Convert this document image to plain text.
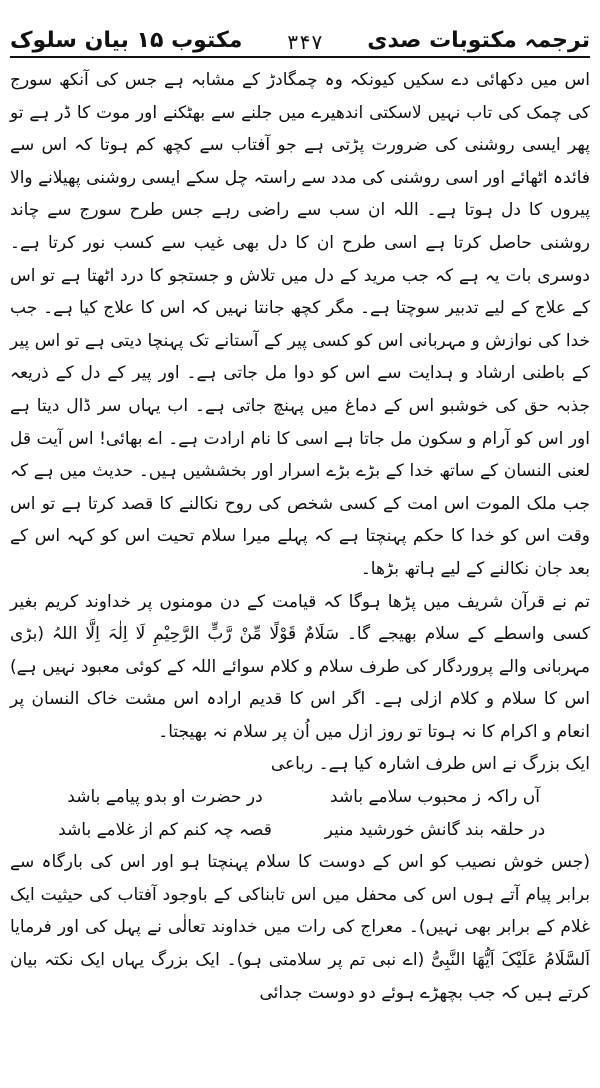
ترجمہ مکتوبات صدی
۳۴۷
مکتوب ۱۵ بیان سلوک

اس میں دکھائی دے سکیں کیونکہ وہ چمگادڑ کے مشابہ ہے جس کی آنکھ سورج کی چمک کی تاب نہیں لاسکتی اندھیرے میں جلنے سے بھٹکنے اور موت کا ڈر ہے تو پھر ایسی روشنی کی ضرورت پڑتی ہے جو آفتاب سے کچھ کم ہوتا کہ اس سے فائدہ اٹھائے اور اسی روشنی کی مدد سے راستہ چل سکے ایسی روشنی پھیلانے والا پیروں کا دل ہوتا ہے۔ اللہ ان سب سے راضی رہے جس طرح سورج سے چاند روشنی حاصل کرتا ہے اسی طرح ان کا دل بھی غیب سے کسب نور کرتا ہے۔ دوسری بات یہ ہے کہ جب مرید کے دل میں تلاش و جستجو کا درد اٹھتا ہے تو اس کے علاج کے لیے تدبیر سوچتا ہے۔ مگر کچھ جانتا نہیں کہ اس کا علاج کیا ہے۔ جب خدا کی نوازش و مہربانی اس کو کسی پیر کے آستانے تک پہنچا دیتی ہے تو اس پیر کے باطنی ارشاد و ہدایت سے اس کو دوا مل جاتی ہے۔ اور پیر کے دل کے ذریعہ جذبہ حق کی خوشبو اس کے دماغ میں پہنچ جاتی ہے۔ اب یہاں سر ڈال دیتا ہے اور اس کو آرام و سکون مل جاتا ہے اسی کا نام ارادت ہے۔ اے بھائی! اس آیت قل لعنی النسان کے ساتھ خدا کے بڑے بڑے اسرار اور بخششیں ہیں۔ حدیث میں ہے کہ جب ملک الموت اس امت کے کسی شخص کی روح نکالنے کا قصد کرتا ہے تو اس وقت اس کو خدا کا حکم پہنچتا ہے کہ پہلے میرا سلام تحیت اس کو کہہ اس کے بعد جان نکالنے کے لیے ہاتھ بڑھا۔

تم نے قرآن شریف میں پڑھا ہوگا کہ قیامت کے دن مومنوں پر خداوند کریم بغیر کسی واسطے کے سلام بھیجے گا۔ سَلَامٌ قَوْلًا مِّنْ رَّبٍّ الرَّحِیْمِ لَا اِلٰہَ اِلَّا اللہُ (بڑی مہربانی والے پروردگار کی طرف سلام و کلام سوائے اللہ کے کوئی معبود نہیں ہے) اس کا سلام و کلام ازلی ہے۔ اگر اس کا قدیم ارادہ اس مشت خاک النسان پر انعام و اکرام کا نہ ہوتا تو روز ازل میں اُن پر سلام نہ بھیجتا۔

ایک بزرگ نے اس طرف اشارہ کیا ہے۔ رباعی

آں راکہ ز محبوب سلامے باشد
در حضرت او بدو پیامے باشد
در حلقہ بند گانش خورشید منیر
قصہ چہ کنم کم از غلامے باشد

(جس خوش نصیب کو اس کے دوست کا سلام پہنچتا ہو اور اس کی بارگاہ سے برابر پیام آتے ہوں اس کی محفل میں اس تابناکی کے باوجود آفتاب کی حیثیت ایک غلام کے برابر بھی نہیں)۔ معراج کی رات میں خداوند تعالٰی نے پہل کی اور فرمایا اَلسَّلَامُ عَلَیْکَ اَیُّھَا النَّبِیُّ (اے نبی تم پر سلامتی ہو)۔ ایک بزرگ یہاں ایک نکتہ بیان کرتے ہیں کہ جب بچھڑے ہوئے دو دوست جدائی
